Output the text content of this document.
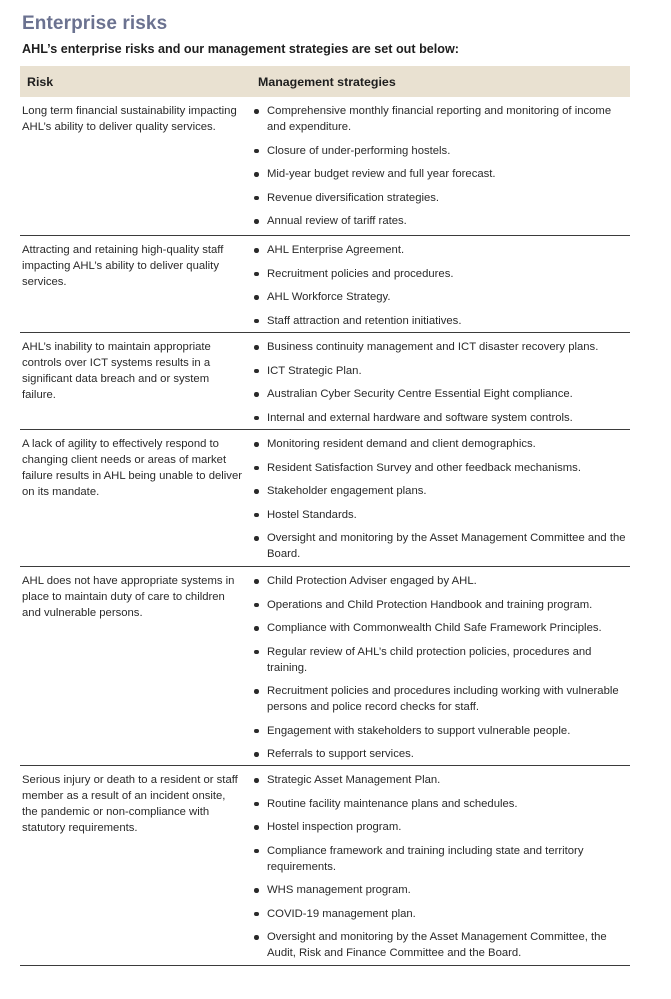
Enterprise risks

AHL’s enterprise risks and our management strategies are set out below:

Risk	Management strategies
Long term financial sustainability impacting AHL’s ability to deliver quality services.
Comprehensive monthly financial reporting and monitoring of income and expenditure.
Closure of under-performing hostels.
Mid-year budget review and full year forecast.
Revenue diversification strategies.
Annual review of tariff rates.
Attracting and retaining high-quality staff impacting AHL’s ability to deliver quality services.
AHL Enterprise Agreement.
Recruitment policies and procedures.
AHL Workforce Strategy.
Staff attraction and retention initiatives.
AHL’s inability to maintain appropriate controls over ICT systems results in a significant data breach and or system failure.
Business continuity management and ICT disaster recovery plans.
ICT Strategic Plan.
Australian Cyber Security Centre Essential Eight compliance.
Internal and external hardware and software system controls.
A lack of agility to effectively respond to changing client needs or areas of market failure results in AHL being unable to deliver on its mandate.
Monitoring resident demand and client demographics.
Resident Satisfaction Survey and other feedback mechanisms.
Stakeholder engagement plans.
Hostel Standards.
Oversight and monitoring by the Asset Management Committee and the Board.
AHL does not have appropriate systems in place to maintain duty of care to children and vulnerable persons.
Child Protection Adviser engaged by AHL.
Operations and Child Protection Handbook and training program.
Compliance with Commonwealth Child Safe Framework Principles.
Regular review of AHL’s child protection policies, procedures and training.
Recruitment policies and procedures including working with vulnerable persons and police record checks for staff.
Engagement with stakeholders to support vulnerable people.
Referrals to support services.
Serious injury or death to a resident or staff member as a result of an incident onsite, the pandemic or non-compliance with statutory requirements.
Strategic Asset Management Plan.
Routine facility maintenance plans and schedules.
Hostel inspection program.
Compliance framework and training including state and territory requirements.
WHS management program.
COVID-19 management plan.
Oversight and monitoring by the Asset Management Committee, the Audit, Risk and Finance Committee and the Board.
